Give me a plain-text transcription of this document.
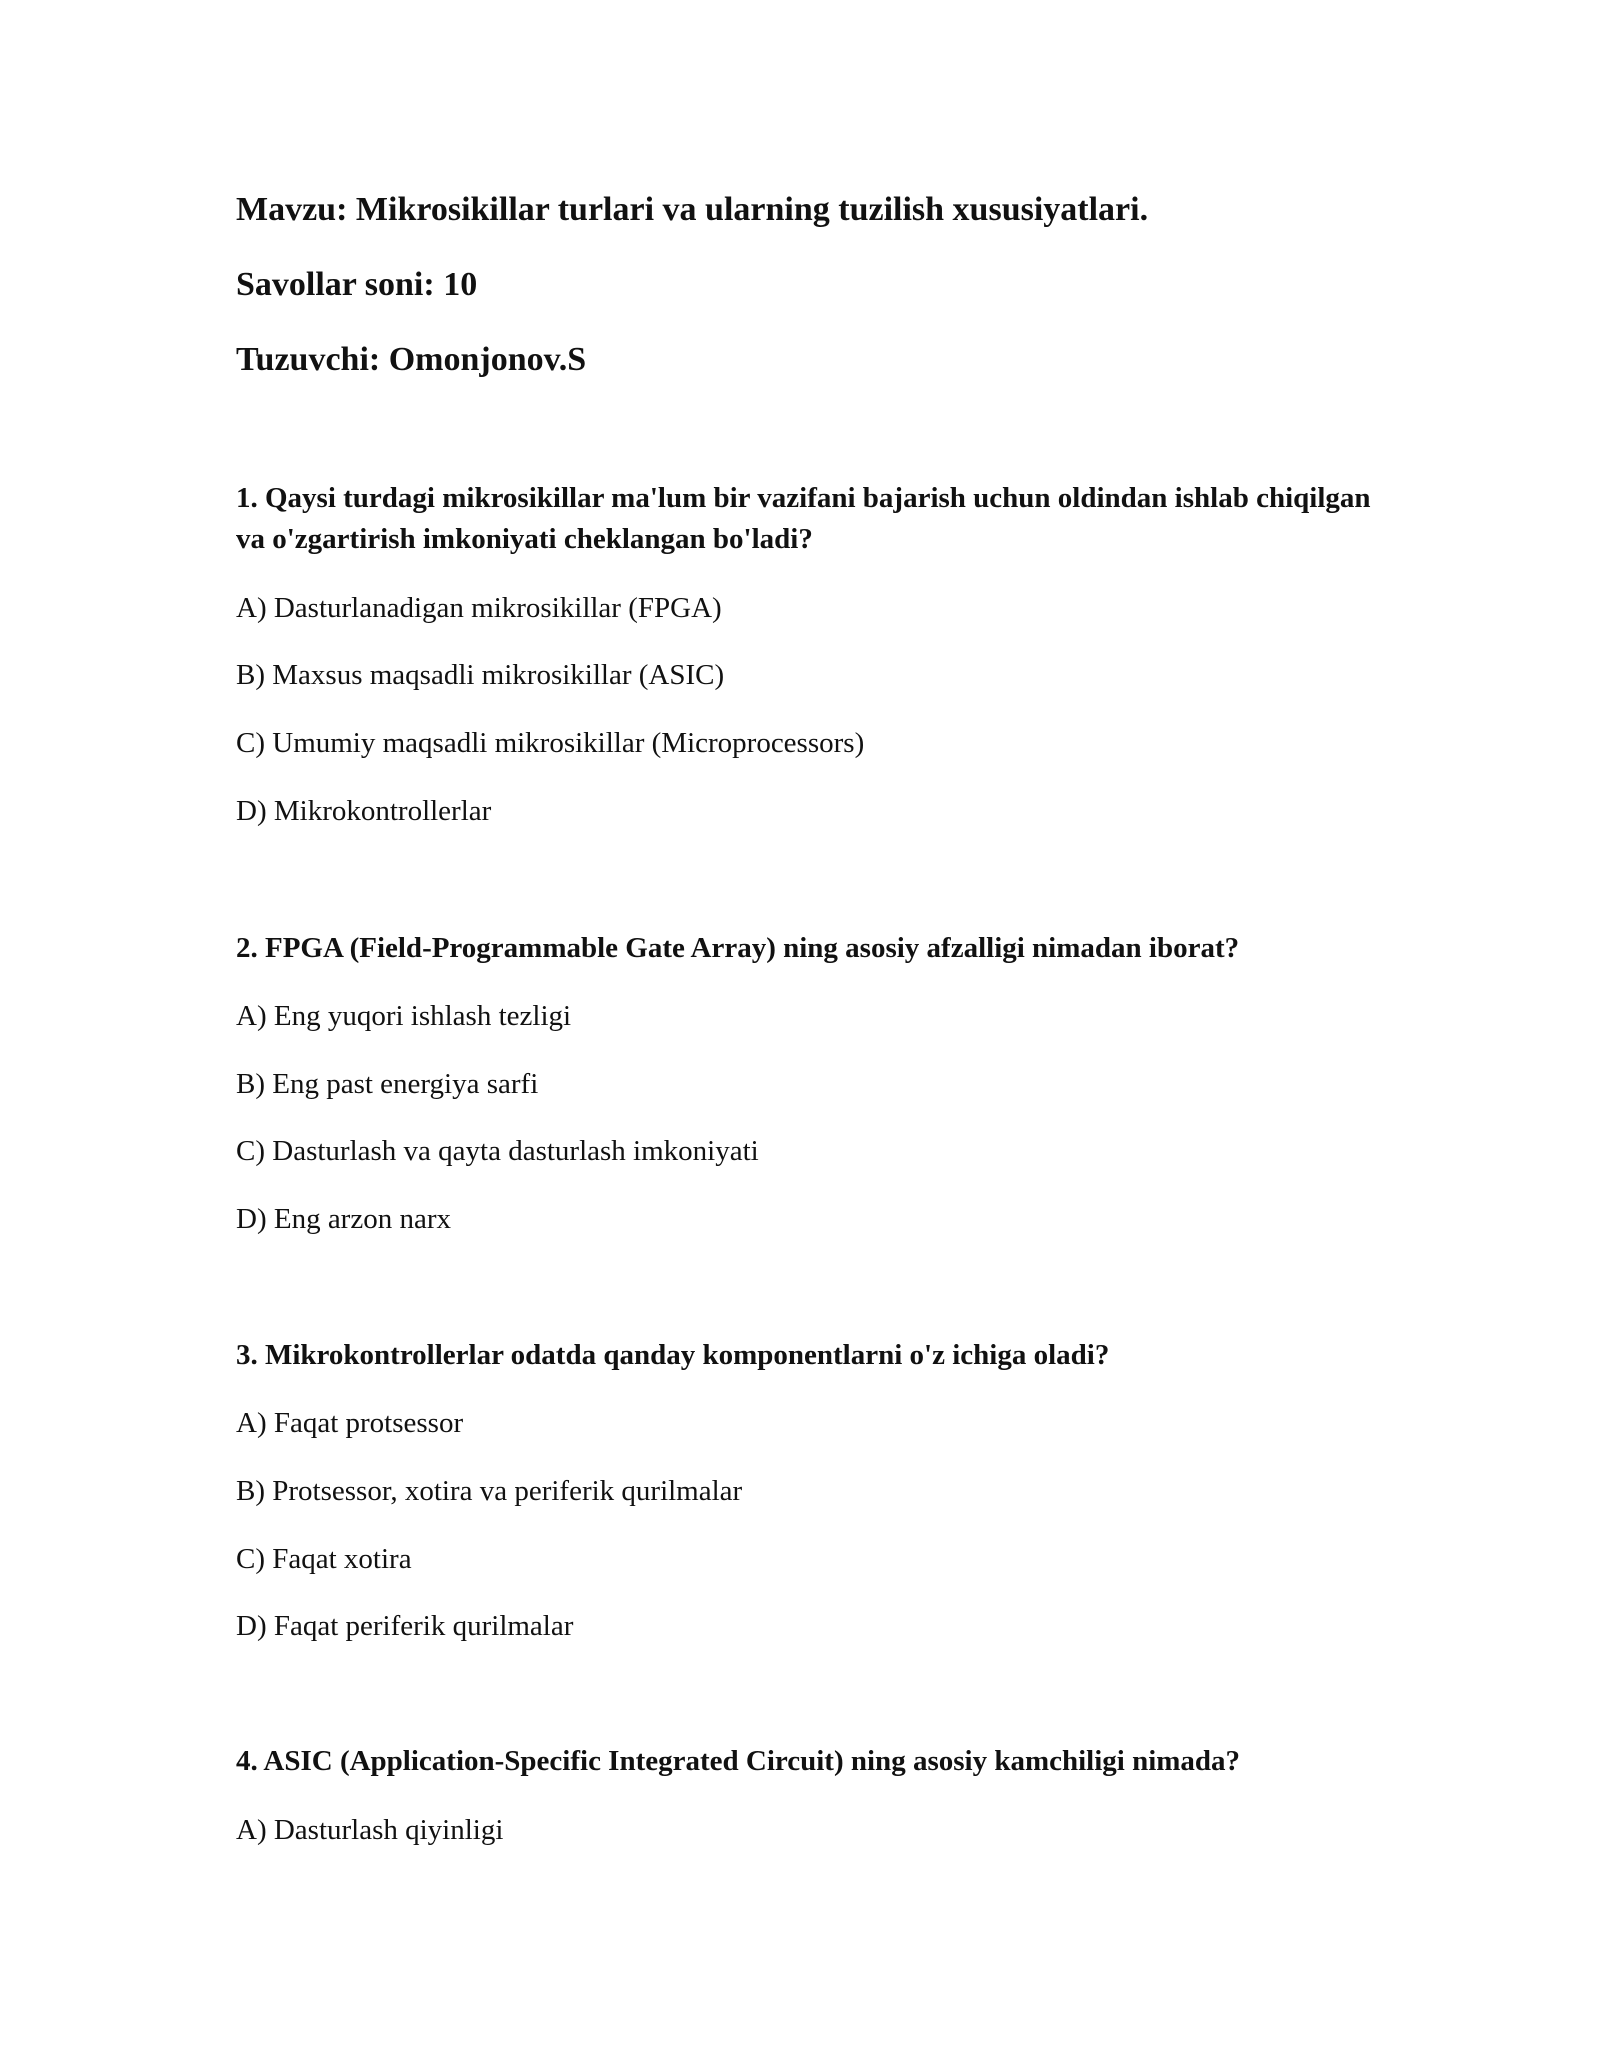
Mavzu: Mikrosikillar turlari va ularning tuzilish xususiyatlari.
Savollar soni: 10
Tuzuvchi: Omonjonov.S
1. Qaysi turdagi mikrosikillar ma'lum bir vazifani bajarish uchun oldindan ishlab chiqilgan va o'zgartirish imkoniyati cheklangan bo'ladi?
A) Dasturlanadigan mikrosikillar (FPGA)
B) Maxsus maqsadli mikrosikillar (ASIC)
C) Umumiy maqsadli mikrosikillar (Microprocessors)
D) Mikrokontrollerlar
2. FPGA (Field-Programmable Gate Array) ning asosiy afzalligi nimadan iborat?
A) Eng yuqori ishlash tezligi
B) Eng past energiya sarfi
C) Dasturlash va qayta dasturlash imkoniyati
D) Eng arzon narx
3. Mikrokontrollerlar odatda qanday komponentlarni o'z ichiga oladi?
A) Faqat protsessor
B) Protsessor, xotira va periferik qurilmalar
C) Faqat xotira
D) Faqat periferik qurilmalar
4. ASIC (Application-Specific Integrated Circuit) ning asosiy kamchiligi nimada?
A) Dasturlash qiyinligi
